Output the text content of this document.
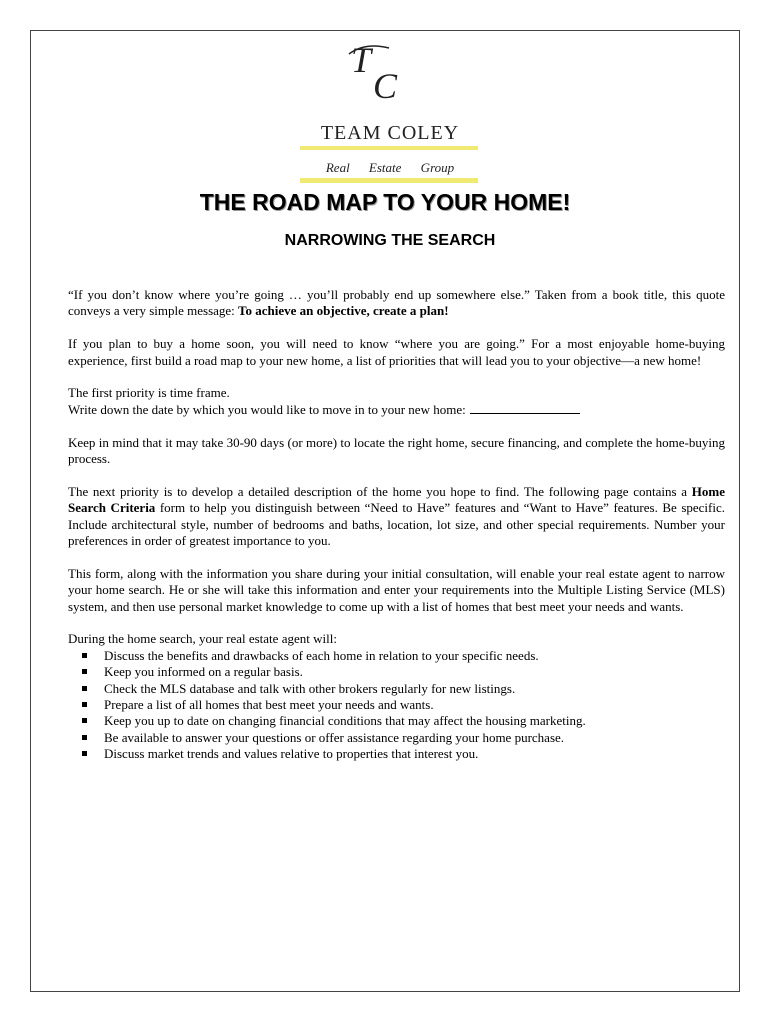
T
C
TEAM COLEY
Real Estate Group
THE ROAD MAP TO YOUR HOME!
NARROWING THE SEARCH

“If you don’t know where you’re going … you’ll probably end up somewhere else.” Taken from a book title, this quote conveys a very simple message: To achieve an objective, create a plan!

If you plan to buy a home soon, you will need to know “where you are going.” For a most enjoyable home-buying experience, first build a road map to your new home, a list of priorities that will lead you to your objective—a new home!

The first priority is time frame.
Write down the date by which you would like to move in to your new home:

Keep in mind that it may take 30-90 days (or more) to locate the right home, secure financing, and complete the home-buying process.

The next priority is to develop a detailed description of the home you hope to find. The following page contains a Home Search Criteria form to help you distinguish between “Need to Have” features and “Want to Have” features. Be specific. Include architectural style, number of bedrooms and baths, location, lot size, and other special requirements. Number your preferences in order of greatest importance to you.

This form, along with the information you share during your initial consultation, will enable your real estate agent to narrow your home search. He or she will take this information and enter your requirements into the Multiple Listing Service (MLS) system, and then use personal market knowledge to come up with a list of homes that best meet your needs and wants.

During the home search, your real estate agent will:
Discuss the benefits and drawbacks of each home in relation to your specific needs.
Keep you informed on a regular basis.
Check the MLS database and talk with other brokers regularly for new listings.
Prepare a list of all homes that best meet your needs and wants.
Keep you up to date on changing financial conditions that may affect the housing marketing.
Be available to answer your questions or offer assistance regarding your home purchase.
Discuss market trends and values relative to properties that interest you.
